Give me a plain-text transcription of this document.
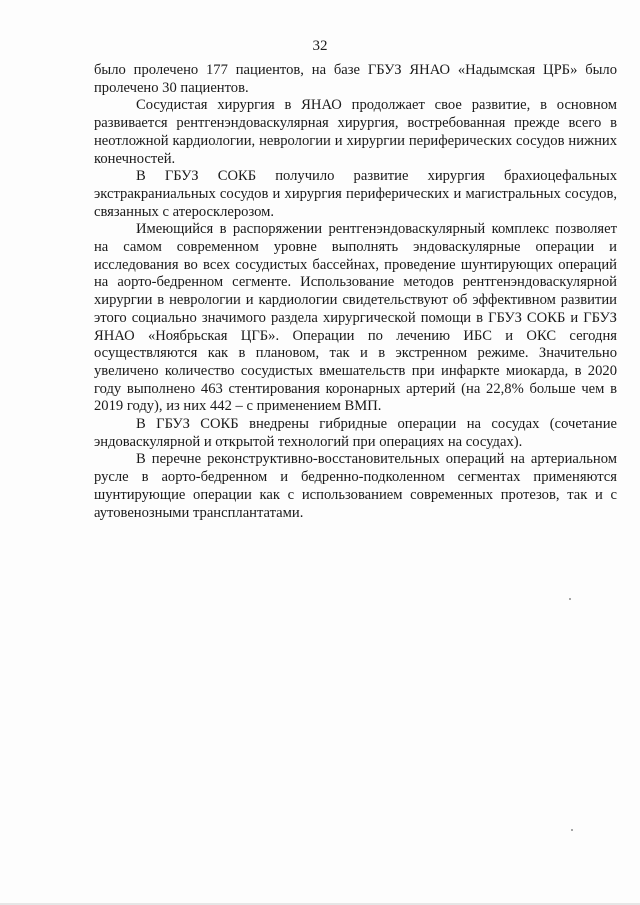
32

было пролечено 177 пациентов, на базе ГБУЗ ЯНАО «Надымская ЦРБ» было пролечено 30 пациентов.

Сосудистая хирургия в ЯНАО продолжает свое развитие, в основном развивается рентгенэндоваскулярная хирургия, востребованная прежде всего в неотложной кардиологии, неврологии и хирургии периферических сосудов нижних конечностей.

В ГБУЗ СОКБ получило развитие хирургия брахиоцефальных экстракраниальных сосудов и хирургия периферических и магистральных сосудов, связанных с атеросклерозом.

Имеющийся в распоряжении рентгенэндоваскулярный комплекс позволяет на самом современном уровне выполнять эндоваскулярные операции и исследования во всех сосудистых бассейнах, проведение шунтирующих операций на аорто-бедренном сегменте. Использование методов рентгенэндоваскулярной хирургии в неврологии и кардиологии свидетельствуют об эффективном развитии этого социально значимого раздела хирургической помощи в ГБУЗ СОКБ и ГБУЗ ЯНАО «Ноябрьская ЦГБ». Операции по лечению ИБС и ОКС сегодня осуществляются как в плановом, так и в экстренном режиме. Значительно увеличено количество сосудистых вмешательств при инфаркте миокарда, в 2020 году выполнено 463 стентирования коронарных артерий (на 22,8% больше чем в 2019 году), из них 442 – с применением ВМП.

В ГБУЗ СОКБ внедрены гибридные операции на сосудах (сочетание эндоваскулярной и открытой технологий при операциях на сосудах).

В перечне реконструктивно-восстановительных операций на артериальном русле в аорто-бедренном и бедренно-подколенном сегментах применяются шунтирующие операции как с использованием современных протезов, так и с аутовенозными трансплантатами.
